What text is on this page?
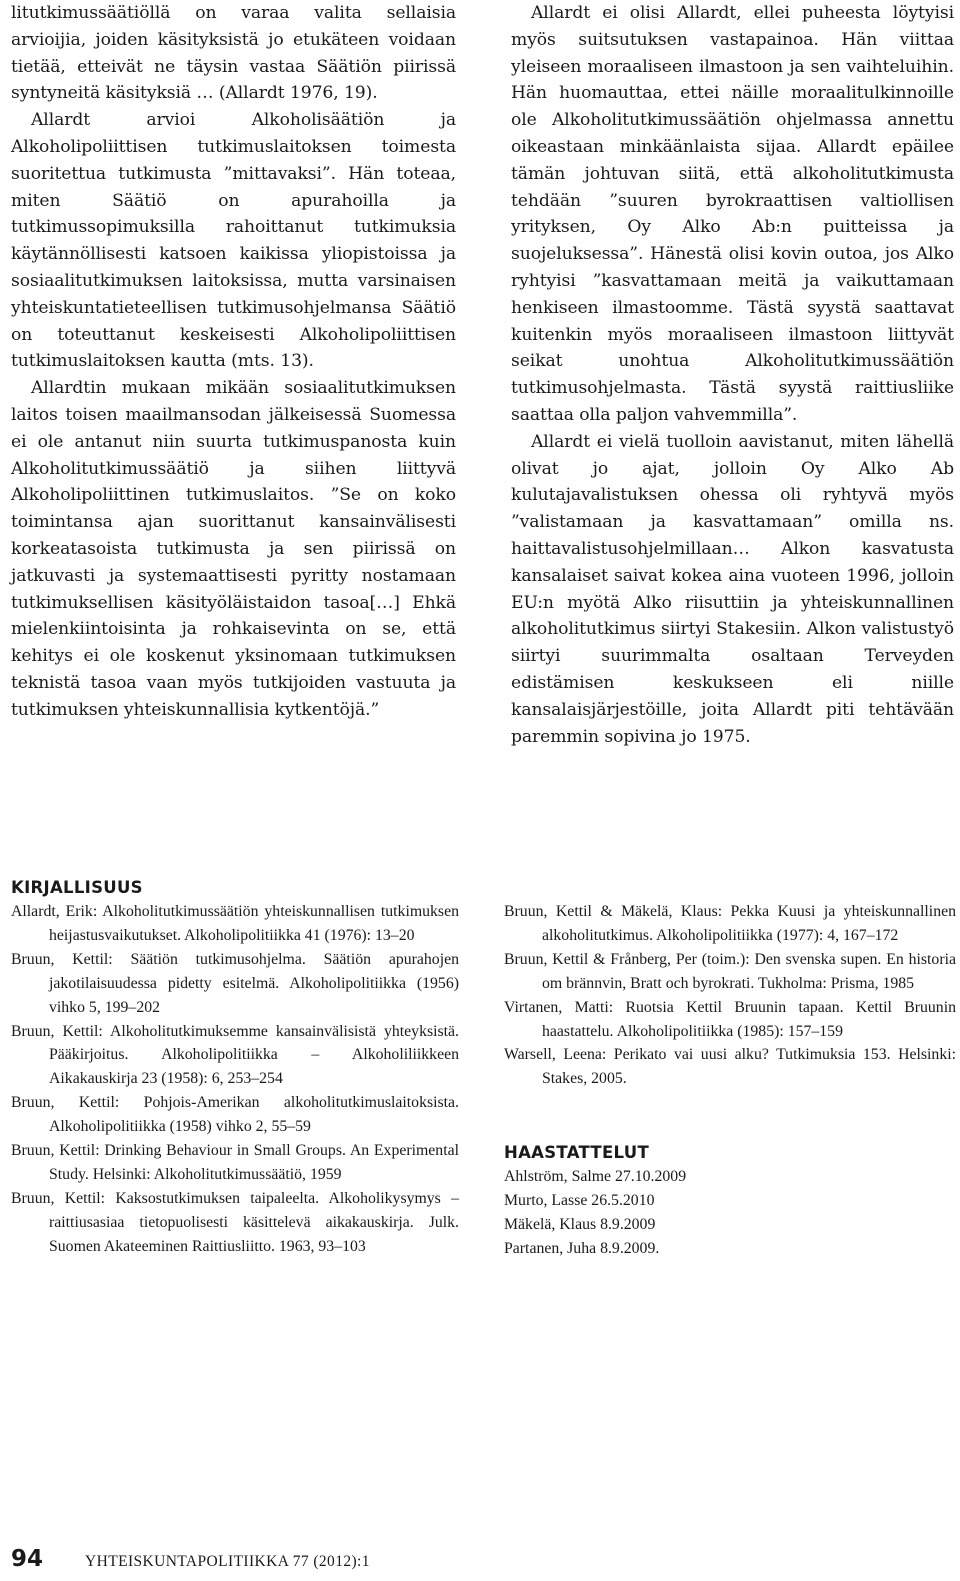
litutkimussäätiöllä on varaa valita sellaisia arvioijia, joiden käsityksistä jo etukäteen voidaan tietää, etteivät ne täysin vastaa Säätiön piirissä syntyneitä käsityksiä … (Allardt 1976, 19).

Allardt arvioi Alkoholisäätiön ja Alkoholipoliittisen tutkimuslaitoksen toimesta suoritettua tutkimusta ”mittavaksi”. Hän toteaa, miten Säätiö on apurahoilla ja tutkimussopimuksilla rahoittanut tutkimuksia käytännöllisesti katsoen kaikissa yliopistoissa ja sosiaalitutkimuksen laitoksissa, mutta varsinaisen yhteiskuntatieteellisen tutkimusohjelmansa Säätiö on toteuttanut keskeisesti Alkoholipoliittisen tutkimuslaitoksen kautta (mts. 13).

Allardtin mukaan mikään sosiaalitutkimuksen laitos toisen maailmansodan jälkeisessä Suomessa ei ole antanut niin suurta tutkimuspanosta kuin Alkoholitutkimussäätiö ja siihen liittyvä Alkoholipoliittinen tutkimuslaitos. ”Se on koko toimintansa ajan suorittanut kansainvälisesti korkeatasoista tutkimusta ja sen piirissä on jatkuvasti ja systemaattisesti pyritty nostamaan tutkimuksellisen käsityöläistaidon tasoa[…] Ehkä mielenkiintoisinta ja rohkaisevinta on se, että kehitys ei ole koskenut yksinomaan tutkimuksen teknistä tasoa vaan myös tutkijoiden vastuuta ja tutkimuksen yhteiskunnallisia kytkentöjä.”

Allardt ei olisi Allardt, ellei puheesta löytyisi myös suitsutuksen vastapainoa. Hän viittaa yleiseen moraaliseen ilmastoon ja sen vaihteluihin. Hän huomauttaa, ettei näille moraalitulkinnoille ole Alkoholitutkimussäätiön ohjelmassa annettu oikeastaan minkäänlaista sijaa. Allardt epäilee tämän johtuvan siitä, että alkoholitutkimusta tehdään ”suuren byrokraattisen valtiollisen yrityksen, Oy Alko Ab:n puitteissa ja suojeluksessa”. Hänestä olisi kovin outoa, jos Alko ryhtyisi ”kasvattamaan meitä ja vaikuttamaan henkiseen ilmastoomme. Tästä syystä saattavat kuitenkin myös moraaliseen ilmastoon liittyvät seikat unohtua Alkoholitutkimussäätiön tutkimusohjelmasta. Tästä syystä raittiusliike saattaa olla paljon vahvemmilla”.

Allardt ei vielä tuolloin aavistanut, miten lähellä olivat jo ajat, jolloin Oy Alko Ab kulutajavalistuksen ohessa oli ryhtyvä myös ”valistamaan ja kasvattamaan” omilla ns. haittavalistusohjelmillaan… Alkon kasvatusta kansalaiset saivat kokea aina vuoteen 1996, jolloin EU:n myötä Alko riisuttiin ja yhteiskunnallinen alkoholitutkimus siirtyi Stakesiin. Alkon valistustyö siirtyi suurimmalta osaltaan Terveyden edistämisen keskukseen eli niille kansalaisjärjestöille, joita Allardt piti tehtävään paremmin sopivina jo 1975.

KIRJALLISUUS

Allardt, Erik: Alkoholitutkimussäätiön yhteiskunnallisen tutkimuksen heijastusvaikutukset. Alkoholipolitiikka 41 (1976): 13–20

Bruun, Kettil: Säätiön tutkimusohjelma. Säätiön apurahojen jakotilaisuudessa pidetty esitelmä. Alkoholipolitiikka (1956) vihko 5, 199–202

Bruun, Kettil: Alkoholitutkimuksemme kansainvälisistä yhteyksistä. Pääkirjoitus. Alkoholipolitiikka – Alkoholiliikkeen Aikakauskirja 23 (1958): 6, 253–254

Bruun, Kettil: Pohjois-Amerikan alkoholitutkimuslaitoksista. Alkoholipolitiikka (1958) vihko 2, 55–59

Bruun, Kettil: Drinking Behaviour in Small Groups. An Experimental Study. Helsinki: Alkoholitutkimussäätiö, 1959

Bruun, Kettil: Kaksostutkimuksen taipaleelta. Alkoholikysymys – raittiusasiaa tietopuolisesti käsittelevä aikakauskirja. Julk. Suomen Akateeminen Raittiusliitto. 1963, 93–103

Bruun, Kettil & Mäkelä, Klaus: Pekka Kuusi ja yhteiskunnallinen alkoholitutkimus. Alkoholipolitiikka (1977): 4, 167–172

Bruun, Kettil & Frånberg, Per (toim.): Den svenska supen. En historia om brännvin, Bratt och byrokrati. Tukholma: Prisma, 1985

Virtanen, Matti: Ruotsia Kettil Bruunin tapaan. Kettil Bruunin haastattelu. Alkoholipolitiikka (1985): 157–159

Warsell, Leena: Perikato vai uusi alku? Tutkimuksia 153. Helsinki: Stakes, 2005.

HAASTATTELUT

Ahlström, Salme 27.10.2009

Murto, Lasse 26.5.2010

Mäkelä, Klaus 8.9.2009

Partanen, Juha 8.9.2009.

94	YHTEISKUNTAPOLITIIKKA 77 (2012):1
